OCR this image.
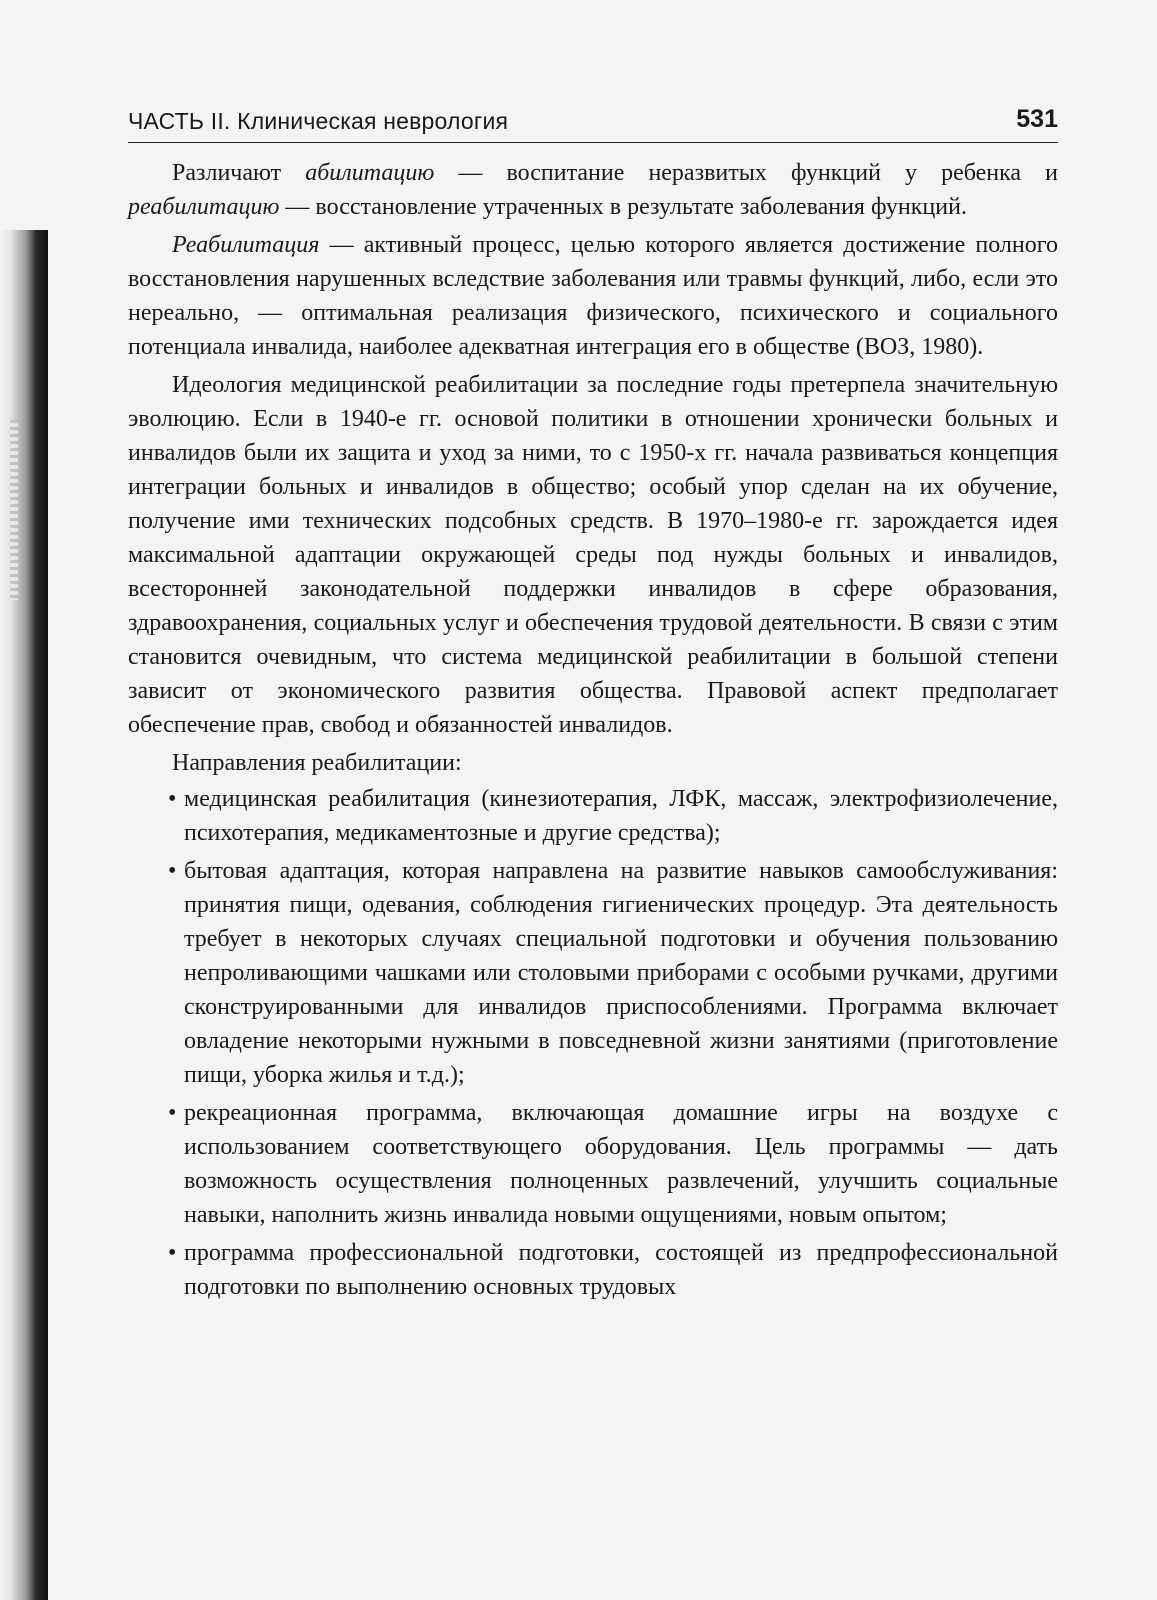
ЧАСТЬ II. Клиническая неврология	531

Различают абилитацию — воспитание неразвитых функций у ребенка и реабилитацию — восстановление утраченных в результате заболевания функций.

Реабилитация — активный процесс, целью которого является достижение полного восстановления нарушенных вследствие заболевания или травмы функций, либо, если это нереально, — оптимальная реализация физического, психического и социального потенциала инвалида, наиболее адекватная интеграция его в обществе (ВОЗ, 1980).

Идеология медицинской реабилитации за последние годы претерпела значительную эволюцию. Если в 1940-е гг. основой политики в отношении хронически больных и инвалидов были их защита и уход за ними, то с 1950-х гг. начала развиваться концепция интеграции больных и инвалидов в общество; особый упор сделан на их обучение, получение ими технических подсобных средств. В 1970–1980-е гг. зарождается идея максимальной адаптации окружающей среды под нужды больных и инвалидов, всесторонней законодательной поддержки инвалидов в сфере образования, здравоохранения, социальных услуг и обеспечения трудовой деятельности. В связи с этим становится очевидным, что система медицинской реабилитации в большой степени зависит от экономического развития общества. Правовой аспект предполагает обеспечение прав, свобод и обязанностей инвалидов.

Направления реабилитации:

• медицинская реабилитация (кинезиотерапия, ЛФК, массаж, электрофизиолечение, психотерапия, медикаментозные и другие средства);
• бытовая адаптация, которая направлена на развитие навыков самообслуживания: принятия пищи, одевания, соблюдения гигиенических процедур. Эта деятельность требует в некоторых случаях специальной подготовки и обучения пользованию непроливающими чашками или столовыми приборами с особыми ручками, другими сконструированными для инвалидов приспособлениями. Программа включает овладение некоторыми нужными в повседневной жизни занятиями (приготовление пищи, уборка жилья и т.д.);
• рекреационная программа, включающая домашние игры на воздухе с использованием соответствующего оборудования. Цель программы — дать возможность осуществления полноценных развлечений, улучшить социальные навыки, наполнить жизнь инвалида новыми ощущениями, новым опытом;
• программа профессиональной подготовки, состоящей из предпрофессиональной подготовки по выполнению основных трудовых
